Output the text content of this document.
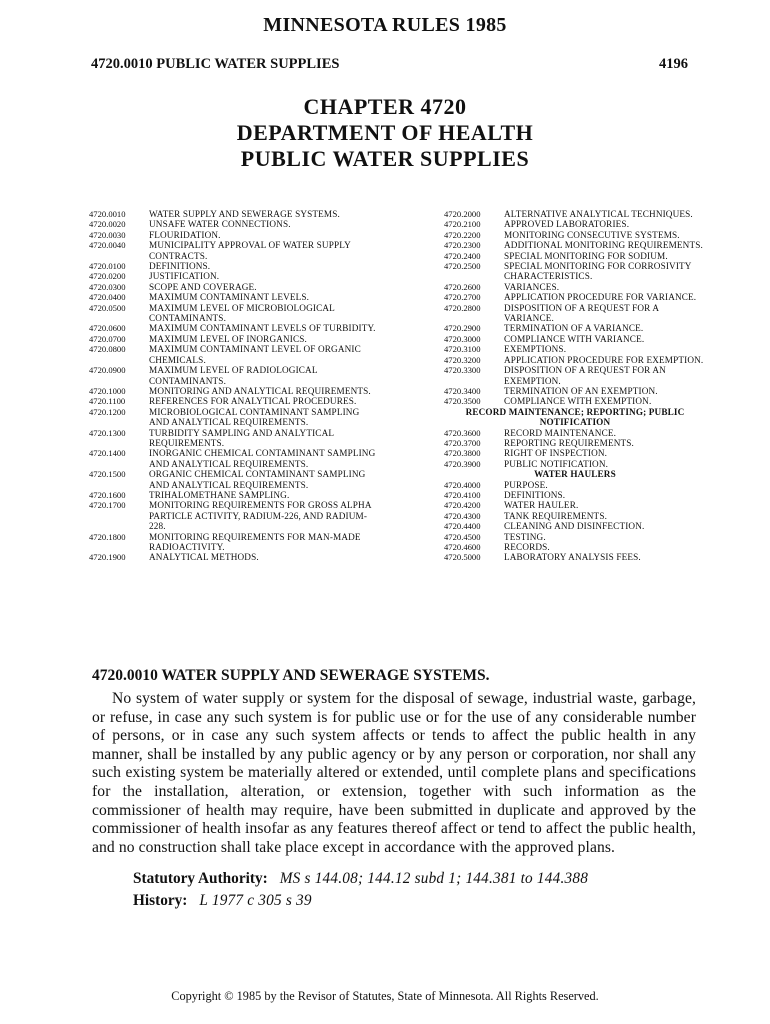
MINNESOTA RULES 1985
4720.0010 PUBLIC WATER SUPPLIES	4196
CHAPTER 4720
DEPARTMENT OF HEALTH
PUBLIC WATER SUPPLIES
4720.0010	WATER SUPPLY AND SEWERAGE SYSTEMS.
4720.0020	UNSAFE WATER CONNECTIONS.
4720.0030	FLOURIDATION.
4720.0040	MUNICIPALITY APPROVAL OF WATER SUPPLY CONTRACTS.
4720.0100	DEFINITIONS.
4720.0200	JUSTIFICATION.
4720.0300	SCOPE AND COVERAGE.
4720.0400	MAXIMUM CONTAMINANT LEVELS.
4720.0500	MAXIMUM LEVEL OF MICROBIOLOGICAL CONTAMINANTS.
4720.0600	MAXIMUM CONTAMINANT LEVELS OF TURBIDITY.
4720.0700	MAXIMUM LEVEL OF INORGANICS.
4720.0800	MAXIMUM CONTAMINANT LEVEL OF ORGANIC CHEMICALS.
4720.0900	MAXIMUM LEVEL OF RADIOLOGICAL CONTAMINANTS.
4720.1000	MONITORING AND ANALYTICAL REQUIREMENTS.
4720.1100	REFERENCES FOR ANALYTICAL PROCEDURES.
4720.1200	MICROBIOLOGICAL CONTAMINANT SAMPLING AND ANALYTICAL REQUIREMENTS.
4720.1300	TURBIDITY SAMPLING AND ANALYTICAL REQUIREMENTS.
4720.1400	INORGANIC CHEMICAL CONTAMINANT SAMPLING AND ANALYTICAL REQUIREMENTS.
4720.1500	ORGANIC CHEMICAL CONTAMINANT SAMPLING AND ANALYTICAL REQUIREMENTS.
4720.1600	TRIHALOMETHANE SAMPLING.
4720.1700	MONITORING REQUIREMENTS FOR GROSS ALPHA PARTICLE ACTIVITY, RADIUM-226, AND RADIUM-228.
4720.1800	MONITORING REQUIREMENTS FOR MAN-MADE RADIOACTIVITY.
4720.1900	ANALYTICAL METHODS.
4720.2000	ALTERNATIVE ANALYTICAL TECHNIQUES.
4720.2100	APPROVED LABORATORIES.
4720.2200	MONITORING CONSECUTIVE SYSTEMS.
4720.2300	ADDITIONAL MONITORING REQUIREMENTS.
4720.2400	SPECIAL MONITORING FOR SODIUM.
4720.2500	SPECIAL MONITORING FOR CORROSIVITY CHARACTERISTICS.
4720.2600	VARIANCES.
4720.2700	APPLICATION PROCEDURE FOR VARIANCE.
4720.2800	DISPOSITION OF A REQUEST FOR A VARIANCE.
4720.2900	TERMINATION OF A VARIANCE.
4720.3000	COMPLIANCE WITH VARIANCE.
4720.3100	EXEMPTIONS.
4720.3200	APPLICATION PROCEDURE FOR EXEMPTION.
4720.3300	DISPOSITION OF A REQUEST FOR AN EXEMPTION.
4720.3400	TERMINATION OF AN EXEMPTION.
4720.3500	COMPLIANCE WITH EXEMPTION.
RECORD MAINTENANCE; REPORTING; PUBLIC NOTIFICATION
4720.3600	RECORD MAINTENANCE.
4720.3700	REPORTING REQUIREMENTS.
4720.3800	RIGHT OF INSPECTION.
4720.3900	PUBLIC NOTIFICATION.
WATER HAULERS
4720.4000	PURPOSE.
4720.4100	DEFINITIONS.
4720.4200	WATER HAULER.
4720.4300	TANK REQUIREMENTS.
4720.4400	CLEANING AND DISINFECTION.
4720.4500	TESTING.
4720.4600	RECORDS.
4720.5000	LABORATORY ANALYSIS FEES.
4720.0010 WATER SUPPLY AND SEWERAGE SYSTEMS.

No system of water supply or system for the disposal of sewage, industrial waste, garbage, or refuse, in case any such system is for public use or for the use of any considerable number of persons, or in case any such system affects or tends to affect the public health in any manner, shall be installed by any public agency or by any person or corporation, nor shall any such existing system be materially altered or extended, until complete plans and specifications for the installation, alteration, or extension, together with such information as the commissioner of health may require, have been submitted in duplicate and approved by the commissioner of health insofar as any features thereof affect or tend to affect the public health, and no construction shall take place except in accordance with the approved plans.

Statutory Authority: MS s 144.08; 144.12 subd 1; 144.381 to 144.388
History: L 1977 c 305 s 39
Copyright © 1985 by the Revisor of Statutes, State of Minnesota. All Rights Reserved.
